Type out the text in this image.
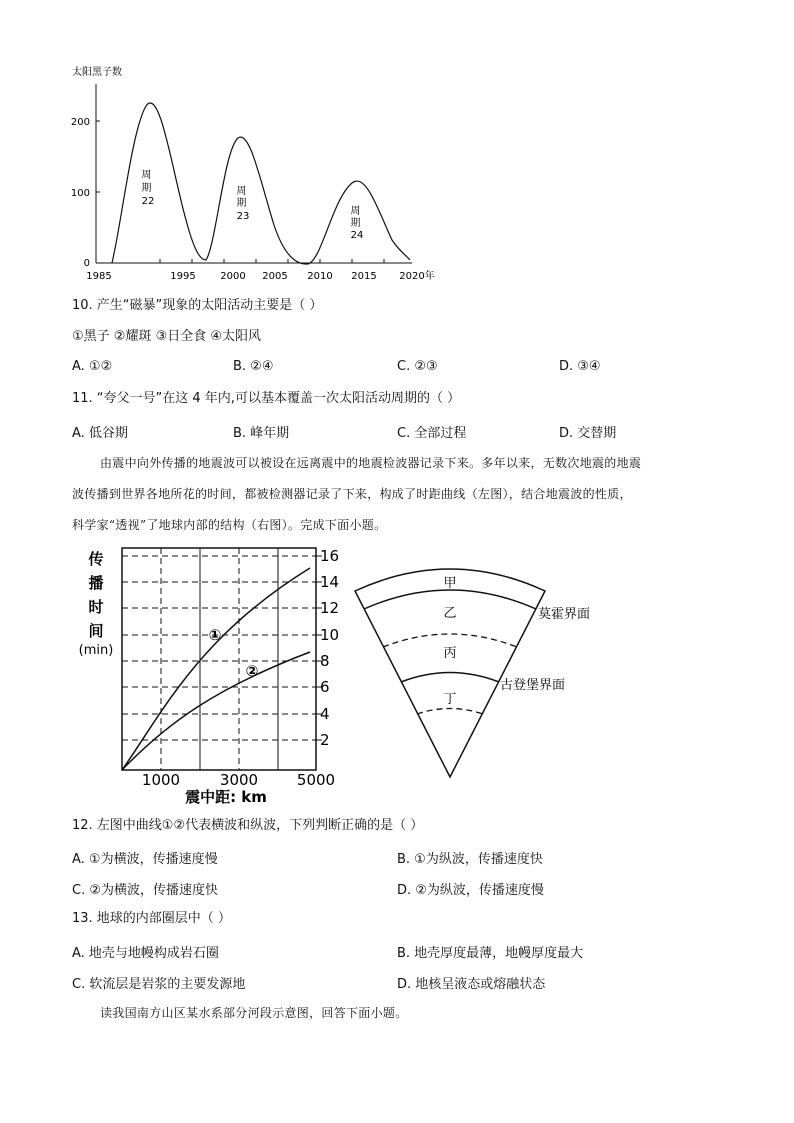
太阳黑子数
200
100
0
1985	1995 2000 2005 2010 2015 2020年
周 期 22
周 期 23	周 期 24
10. 产生“磁暴”现象的太阳活动主要是（ ）
①黑子 ②耀斑 ③日全食 ④太阳风
A. ①②	B. ②④	C. ②③	D. ③④
11. “夸父一号”在这 4 年内,可以基本覆盖一次太阳活动周期的（ ）
A. 低谷期	B. 峰年期	C. 全部过程	D. 交替期
由震中向外传播的地震波可以被设在远离震中的地震检波器记录下来。多年以来，无数次地震的地震
波传播到世界各地所花的时间，都被检测器记录了下来，构成了时距曲线（左图），结合地震波的性质，
科学家“透视”了地球内部的结构（右图）。完成下面小题。
传
播
时
间
(min)
16
14
12
10
8
6
4
2
1000	3000	5000
震中距: km
①
②
甲
乙
丙
丁
莫霍界面
古登堡界面
12. 左图中曲线①②代表横波和纵波，下列判断正确的是（ ）
A. ①为横波，传播速度慢	B. ①为纵波，传播速度快
C. ②为横波，传播速度快	D. ②为纵波，传播速度慢
13. 地球的内部圈层中（ ）
A. 地壳与地幔构成岩石圈	B. 地壳厚度最薄，地幔厚度最大
C. 软流层是岩浆的主要发源地	D. 地核呈液态或熔融状态
读我国南方山区某水系部分河段示意图，回答下面小题。
